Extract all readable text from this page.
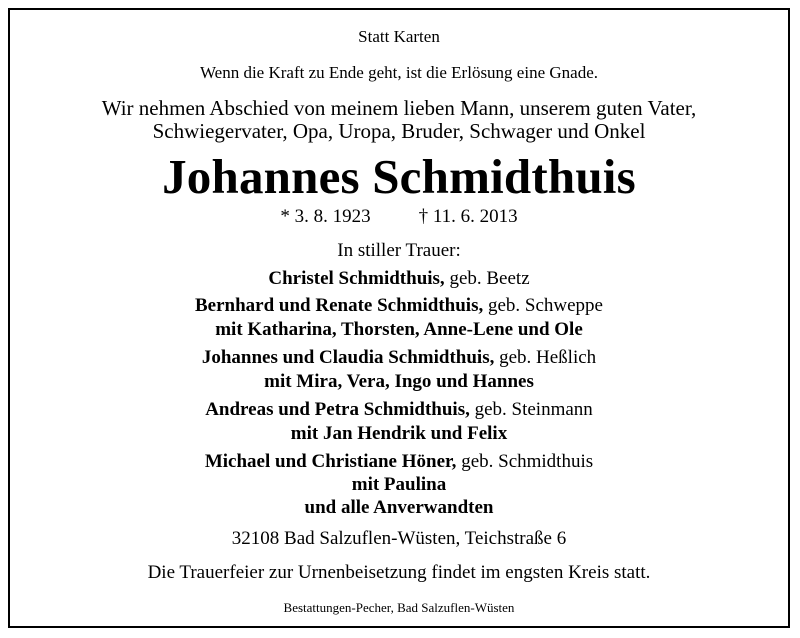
Statt Karten
Wenn die Kraft zu Ende geht, ist die Erlösung eine Gnade.
Wir nehmen Abschied von meinem lieben Mann, unserem guten Vater,
Schwiegervater, Opa, Uropa, Bruder, Schwager und Onkel
Johannes Schmidthuis
* 3. 8. 1923	† 11. 6. 2013
In stiller Trauer:
Christel Schmidthuis, geb. Beetz
Bernhard und Renate Schmidthuis, geb. Schweppe
mit Katharina, Thorsten, Anne-Lene und Ole
Johannes und Claudia Schmidthuis, geb. Heßlich
mit Mira, Vera, Ingo und Hannes
Andreas und Petra Schmidthuis, geb. Steinmann
mit Jan Hendrik und Felix
Michael und Christiane Höner, geb. Schmidthuis
mit Paulina
und alle Anverwandten
32108 Bad Salzuflen-Wüsten, Teichstraße 6
Die Trauerfeier zur Urnenbeisetzung findet im engsten Kreis statt.
Bestattungen-Pecher, Bad Salzuflen-Wüsten
